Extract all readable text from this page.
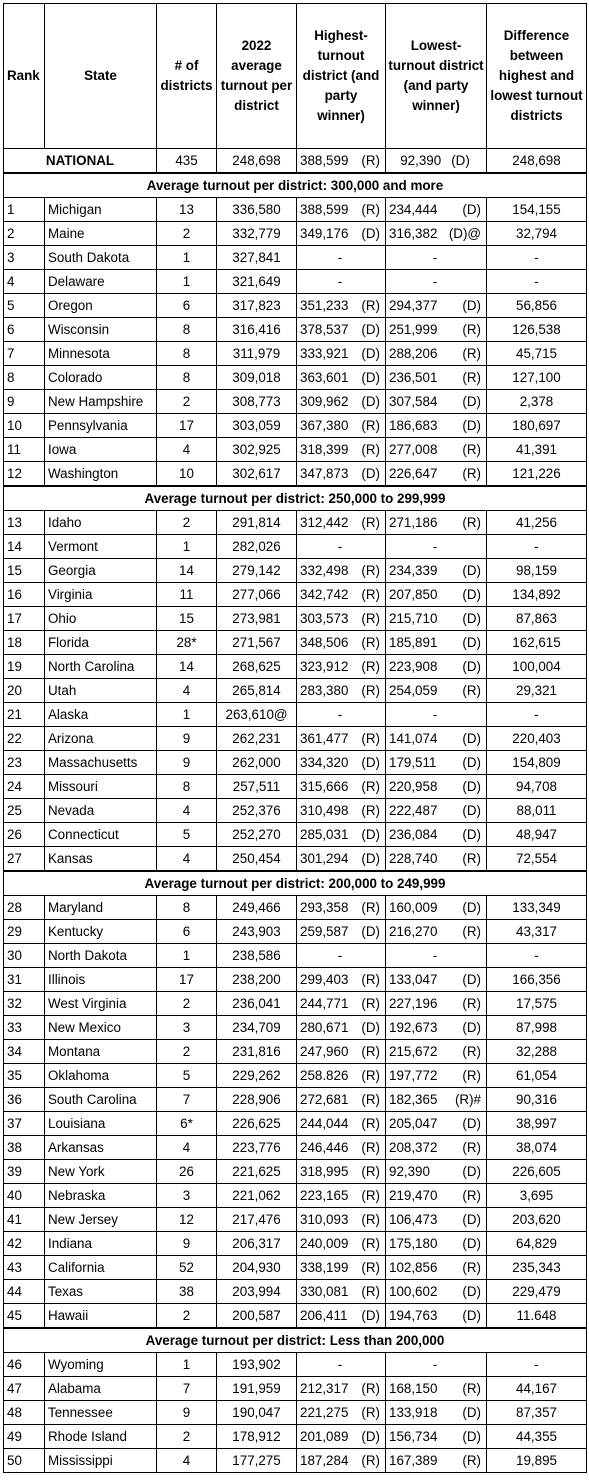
Rank	State	# of districts	2022 average turnout per district	Highest-turnout district (and party winner)	Lowest-turnout district (and party winner)	Difference between highest and lowest turnout districts
NATIONAL		435	248,698	388,599 (R)	92,390 (D)	248,698
Average turnout per district: 300,000 and more						
1	Michigan	13	336,580	388,599 (R)	234,444 (D)	154,155
2	Maine	2	332,779	349,176 (D)	316,382 (D)@	32,794
3	South Dakota	1	327,841	-	-	-
4	Delaware	1	321,649	-	-	-
5	Oregon	6	317,823	351,233 (R)	294,377 (D)	56,856
6	Wisconsin	8	316,416	378,537 (D)	251,999 (R)	126,538
7	Minnesota	8	311,979	333,921 (D)	288,206 (R)	45,715
8	Colorado	8	309,018	363,601 (D)	236,501 (R)	127,100
9	New Hampshire	2	308,773	309,962 (D)	307,584 (D)	2,378
10	Pennsylvania	17	303,059	367,380 (R)	186,683 (D)	180,697
11	Iowa	4	302,925	318,399 (R)	277,008 (R)	41,391
12	Washington	10	302,617	347,873 (D)	226,647 (R)	121,226
Average turnout per district: 250,000 to 299,999						
13	Idaho	2	291,814	312,442 (R)	271,186 (R)	41,256
14	Vermont	1	282,026	-	-	-
15	Georgia	14	279,142	332,498 (R)	234,339 (D)	98,159
16	Virginia	11	277,066	342,742 (R)	207,850 (D)	134,892
17	Ohio	15	273,981	303,573 (R)	215,710 (D)	87,863
18	Florida	28*	271,567	348,506 (R)	185,891 (D)	162,615
19	North Carolina	14	268,625	323,912 (R)	223,908 (D)	100,004
20	Utah	4	265,814	283,380 (R)	254,059 (R)	29,321
21	Alaska	1	263,610@	-	-	-
22	Arizona	9	262,231	361,477 (R)	141,074 (D)	220,403
23	Massachusetts	9	262,000	334,320 (D)	179,511 (D)	154,809
24	Missouri	8	257,511	315,666 (R)	220,958 (D)	94,708
25	Nevada	4	252,376	310,498 (R)	222,487 (D)	88,011
26	Connecticut	5	252,270	285,031 (D)	236,084 (D)	48,947
27	Kansas	4	250,454	301,294 (D)	228,740 (R)	72,554
Average turnout per district: 200,000 to 249,999						
28	Maryland	8	249,466	293,358 (R)	160,009 (D)	133,349
29	Kentucky	6	243,903	259,587 (D)	216,270 (R)	43,317
30	North Dakota	1	238,586	-	-	-
31	Illinois	17	238,200	299,403 (R)	133,047 (D)	166,356
32	West Virginia	2	236,041	244,771 (R)	227,196 (R)	17,575
33	New Mexico	3	234,709	280,671 (D)	192,673 (D)	87,998
34	Montana	2	231,816	247,960 (R)	215,672 (R)	32,288
35	Oklahoma	5	229,262	258.826 (R)	197,772 (R)	61,054
36	South Carolina	7	228,906	272,681 (R)	182,365 (R)#	90,316
37	Louisiana	6*	226,625	244,044 (R)	205,047 (D)	38,997
38	Arkansas	4	223,776	246,446 (R)	208,372 (R)	38,074
39	New York	26	221,625	318,995 (R)	92,390 (D)	226,605
40	Nebraska	3	221,062	223,165 (R)	219,470 (R)	3,695
41	New Jersey	12	217,476	310,093 (R)	106,473 (D)	203,620
42	Indiana	9	206,317	240,009 (R)	175,180 (D)	64,829
43	California	52	204,930	338,199 (R)	102,856 (R)	235,343
44	Texas	38	203,994	330,081 (R)	100,602 (D)	229,479
45	Hawaii	2	200,587	206,411 (D)	194,763 (D)	11.648
Average turnout per district: Less than 200,000						
46	Wyoming	1	193,902	-	-	-
47	Alabama	7	191,959	212,317 (R)	168,150 (R)	44,167
48	Tennessee	9	190,047	221,275 (R)	133,918 (D)	87,357
49	Rhode Island	2	178,912	201,089 (D)	156,734 (D)	44,355
50	Mississippi	4	177,275	187,284 (R)	167,389 (R)	19,895
